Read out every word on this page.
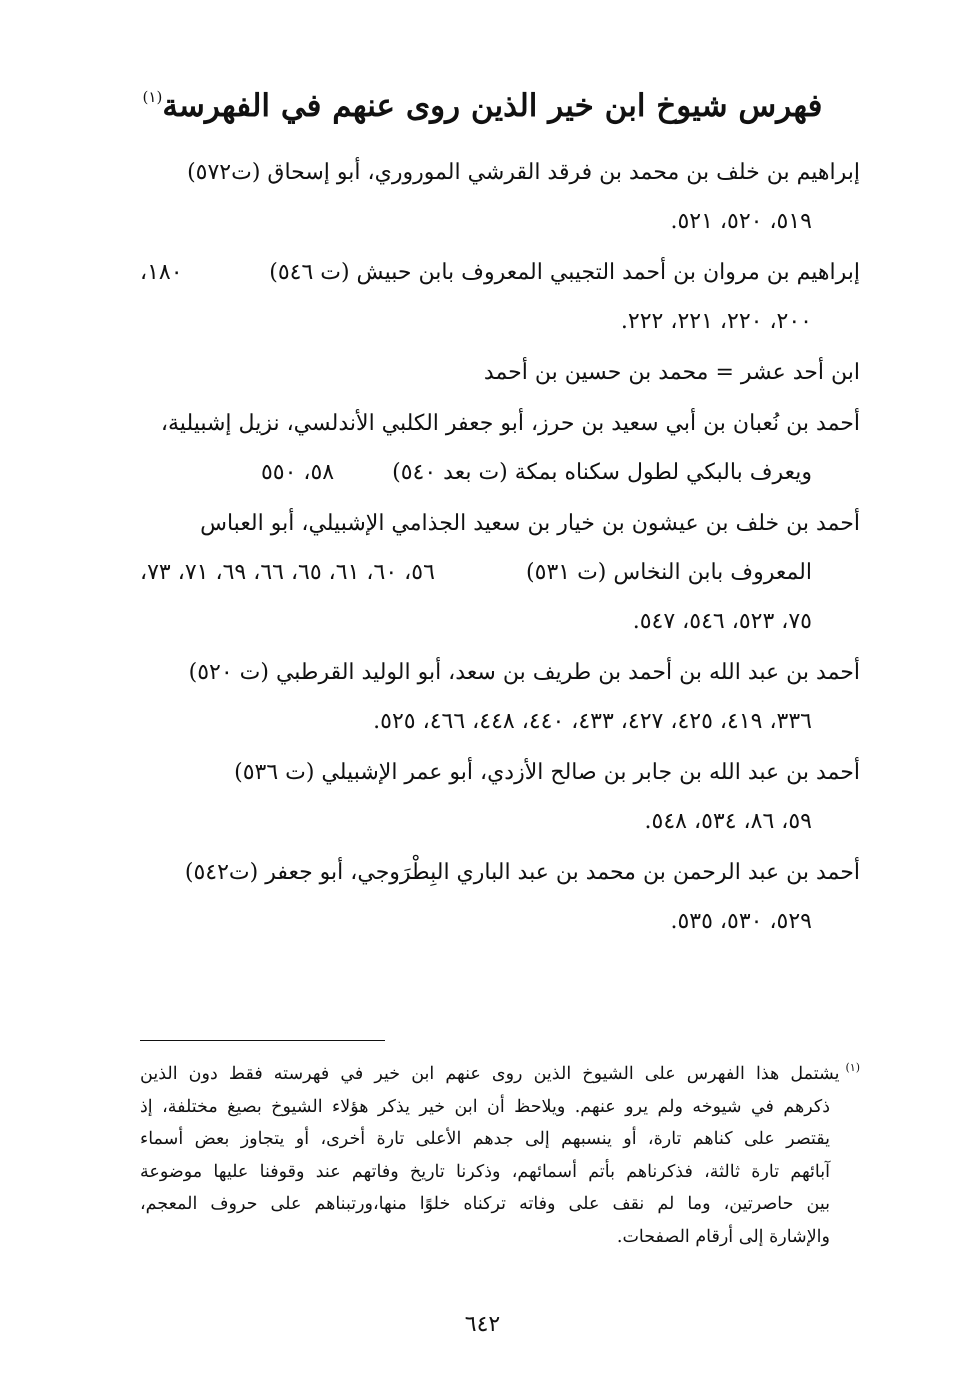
فهرس شيوخ ابن خير الذين روى عنهم في الفهرسة$^{(١)}$
إبراهيم بن خلف بن محمد بن فرقد القرشي الموروري، أبو إسحاق (ت٥٧٢)
٥١٩، ٥٢٠، ٥٢١.
إبراهيم بن مروان بن أحمد التجيبي المعروف بابن حبيش (ت ٥٤٦)
١٨٠،
٢٠٠، ٢٢٠، ٢٢١، ٢٢٢.
ابن أحد عشر = محمد بن حسين بن أحمد
أحمد بن نُعبان بن أبي سعيد بن حرز، أبو جعفر الكلبي الأندلسي، نزيل إشبيلية،
ويعرف بالبكي لطول سكناه بمكة (ت بعد ٥٤٠)
٥٨، ٥٥٠
أحمد بن خلف بن عيشون بن خيار بن سعيد الجذامي الإشبيلي، أبو العباس
المعروف بابن النخاس (ت ٥٣١)
٥٦، ٦٠، ٦١، ٦٥، ٦٦، ٦٩، ٧١، ٧٣،
٧٥، ٥٢٣، ٥٤٦، ٥٤٧.
أحمد بن عبد الله بن أحمد بن طريف بن سعد، أبو الوليد القرطبي (ت ٥٢٠)
٣٣٦، ٤١٩، ٤٢٥، ٤٢٧، ٤٣٣، ٤٤٠، ٤٤٨، ٤٦٦، ٥٢٥.
أحمد بن عبد الله بن جابر بن صالح الأزدي، أبو عمر الإشبيلي (ت ٥٣٦)
٥٩، ٨٦، ٥٣٤، ٥٤٨.
أحمد بن عبد الرحمن بن محمد بن عبد الباري البِطْرَوجي، أبو جعفر (ت٥٤٢)
٥٢٩، ٥٣٠، ٥٣٥.
$^{(١)}$يشتمل هذا الفهرس على الشيوخ الذين روى عنهم ابن خير في فهرسته فقط دون الذين
ذكرهم في شيوخه ولم يرو عنهم. ويلاحظ أن ابن خير يذكر هؤلاء الشيوخ بصيغ مختلفة، إذ
يقتصر على كناهم تارة، أو ينسبهم إلى جدهم الأعلى تارة أخرى، أو يتجاوز بعض أسماء
آبائهم تارة ثالثة، فذكرناهم بأتم أسمائهم، وذكرنا تاريخ وفاتهم عند وقوفنا عليها موضوعة
بين حاصرتين، وما لم نقف على وفاته تركناه خلوًا منها،ورتبناهم على حروف المعجم،
والإشارة إلى أرقام الصفحات.
٦٤٢
